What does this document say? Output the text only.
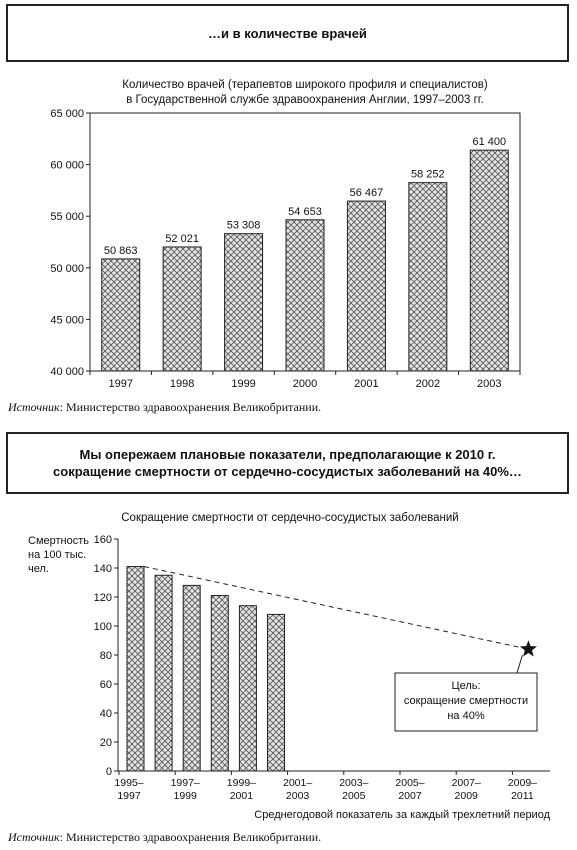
…и в количестве врачей
Количество врачей (терапевтов широкого профиля и специалистов)
в Государственной службе здравоохранения Англии, 1997–2003 гг.
40 000
45 000
50 000
55 000
60 000
65 000
50 863
1997
52 021
1998
53 308
1999
54 653
2000
56 467
2001
58 252
2002
61 400
2003
Источник: Министерство здравоохранения Великобритании.
Мы опережаем плановые показатели, предполагающие к 2010 г.
сокращение смертности от сердечно-сосудистых заболеваний на 40%…
Сокращение смертности от сердечно-сосудистых заболеваний
Смертность
на 100 тыс.
чел.
Среднегодовой показатель за каждый трехлетний период
0
20
40
60
80
100
120
140
160
Цель:
сокращение смертности
на 40%
1995–
1997
1997–
1999
1999–
2001
2001–
2003
2003–
2005
2005–
2007
2007–
2009
2009–
2011
Источник: Министерство здравоохранения Великобритании.
